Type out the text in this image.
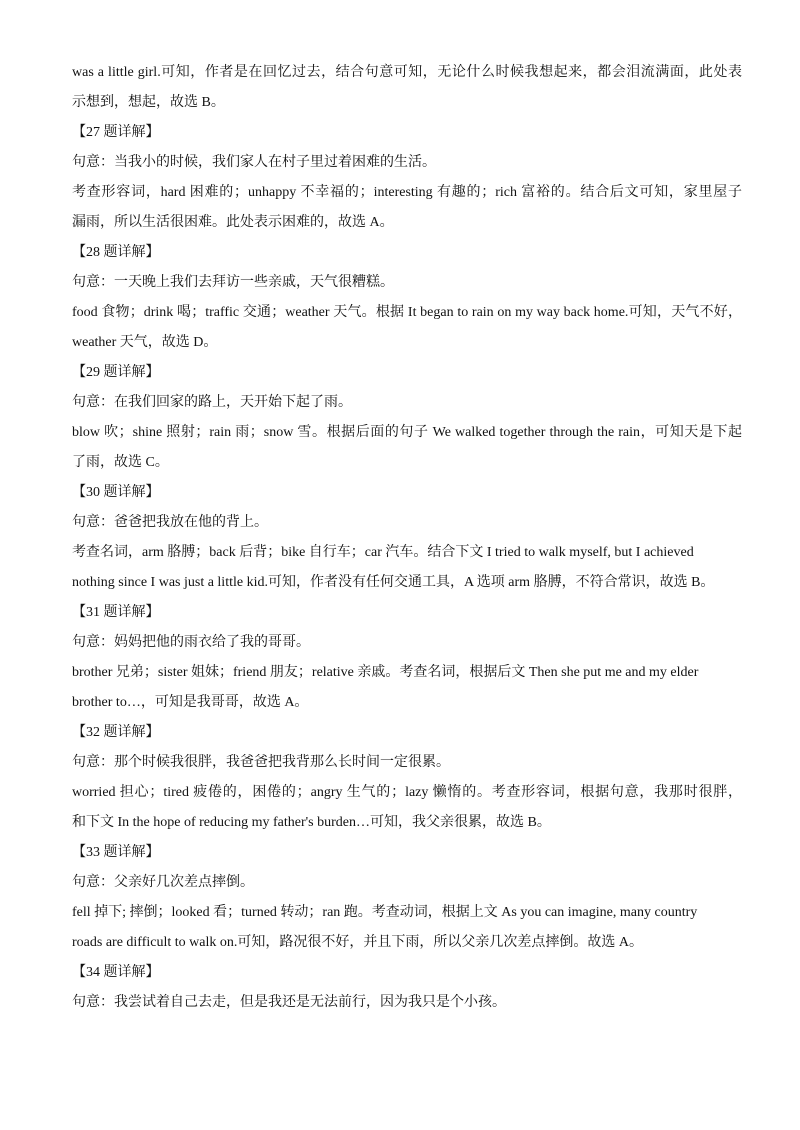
was a little girl.可知，作者是在回忆过去，结合句意可知，无论什么时候我想起来，都会泪流满面，此处表
示想到，想起，故选 B。
【27 题详解】
句意：当我小的时候，我们家人在村子里过着困难的生活。
考查形容词，hard 困难的；unhappy 不幸福的；interesting 有趣的；rich 富裕的。结合后文可知，家里屋子
漏雨，所以生活很困难。此处表示困难的，故选 A。
【28 题详解】
句意：一天晚上我们去拜访一些亲戚，天气很糟糕。
food 食物；drink 喝；traffic 交通；weather 天气。根据 It began to rain on my way back home.可知，天气不好，
weather 天气，故选 D。
【29 题详解】
句意：在我们回家的路上，天开始下起了雨。
blow 吹；shine 照射；rain 雨；snow 雪。根据后面的句子 We walked together through the rain，可知天是下起
了雨，故选 C。
【30 题详解】
句意：爸爸把我放在他的背上。
考查名词，arm 胳膊；back 后背；bike 自行车；car 汽车。结合下文 I tried to walk myself, but I achieved
nothing since I was just a little kid.可知，作者没有任何交通工具，A 选项 arm 胳膊，不符合常识，故选 B。
【31 题详解】
句意：妈妈把他的雨衣给了我的哥哥。
brother 兄弟；sister 姐妹；friend 朋友；relative 亲戚。考查名词，根据后文 Then she put me and my elder
brother to…，可知是我哥哥，故选 A。
【32 题详解】
句意：那个时候我很胖，我爸爸把我背那么长时间一定很累。
worried 担心；tired 疲倦的，困倦的；angry 生气的；lazy 懒惰的。考查形容词，根据句意，我那时很胖，
和下文 In the hope of reducing my father's burden…可知，我父亲很累，故选 B。
【33 题详解】
句意：父亲好几次差点摔倒。
fell 掉下; 摔倒；looked 看；turned 转动；ran 跑。考查动词，根据上文 As you can imagine, many country
roads are difficult to walk on.可知，路况很不好，并且下雨，所以父亲几次差点摔倒。故选 A。
【34 题详解】
句意：我尝试着自己去走，但是我还是无法前行，因为我只是个小孩。
